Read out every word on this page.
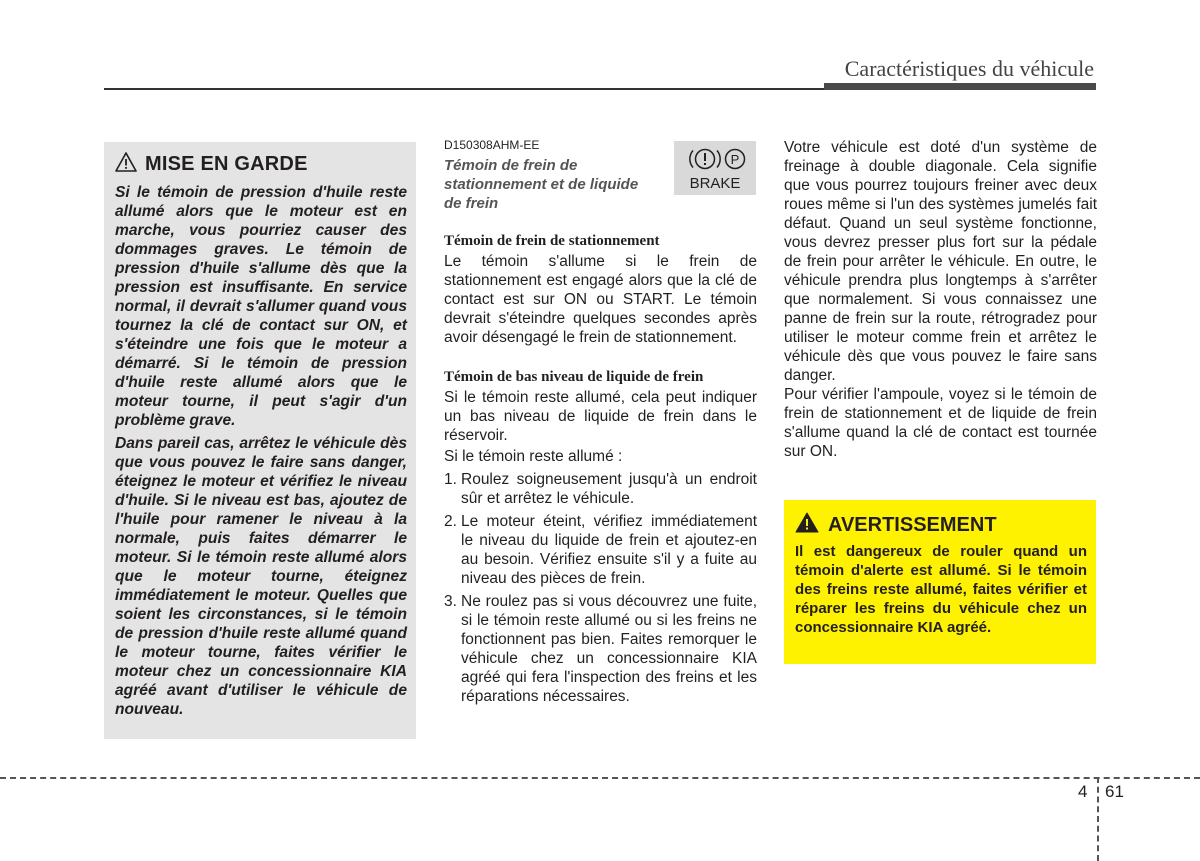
Caractéristiques du véhicule
MISE EN GARDE

Si le témoin de pression d'huile reste allumé alors que le moteur est en marche, vous pourriez causer des dommages graves. Le témoin de pression d'huile s'allume dès que la pression est insuffisante. En service normal, il devrait s'allumer quand vous tournez la clé de contact sur ON, et s'éteindre une fois que le moteur a démarré. Si le témoin de pression d'huile reste allumé alors que le moteur tourne, il peut s'agir d'un problème grave.

Dans pareil cas, arrêtez le véhicule dès que vous pouvez le faire sans danger, éteignez le moteur et vérifiez le niveau d'huile. Si le niveau est bas, ajoutez de l'huile pour ramener le niveau à la normale, puis faites démarrer le moteur. Si le témoin reste allumé alors que le moteur tourne, éteignez immédiatement le moteur. Quelles que soient les circonstances, si le témoin de pression d'huile reste allumé quand le moteur tourne, faites vérifier le moteur chez un concessionnaire KIA agréé avant d'utiliser le véhicule de nouveau.

D150308AHM-EE
Témoin de frein de stationnement et de liquide de frein
P
BRAKE
Témoin de frein de stationnement

Le témoin s'allume si le frein de stationnement est engagé alors que la clé de contact est sur ON ou START. Le témoin devrait s'éteindre quelques secondes après avoir désengagé le frein de stationnement.

Témoin de bas niveau de liquide de frein

Si le témoin reste allumé, cela peut indiquer un bas niveau de liquide de frein dans le réservoir.

Si le témoin reste allumé :

1. Roulez soigneusement jusqu'à un endroit sûr et arrêtez le véhicule.
2. Le moteur éteint, vérifiez immédiatement le niveau du liquide de frein et ajoutez-en au besoin. Vérifiez ensuite s'il y a fuite au niveau des pièces de frein.
3. Ne roulez pas si vous découvrez une fuite, si le témoin reste allumé ou si les freins ne fonctionnent pas bien. Faites remorquer le véhicule chez un concessionnaire KIA agréé qui fera l'inspection des freins et les réparations nécessaires.

Votre véhicule est doté d'un système de freinage à double diagonale. Cela signifie que vous pourrez toujours freiner avec deux roues même si l'un des systèmes jumelés fait défaut. Quand un seul système fonctionne, vous devrez presser plus fort sur la pédale de frein pour arrêter le véhicule. En outre, le véhicule prendra plus longtemps à s'arrêter que normalement. Si vous connaissez une panne de frein sur la route, rétrogradez pour utiliser le moteur comme frein et arrêtez le véhicule dès que vous pouvez le faire sans danger.

Pour vérifier l'ampoule, voyez si le témoin de frein de stationnement et de liquide de frein s'allume quand la clé de contact est tournée sur ON.

AVERTISSEMENT

Il est dangereux de rouler quand un témoin d'alerte est allumé. Si le témoin des freins reste allumé, faites vérifier et réparer les freins du véhicule chez un concessionnaire KIA agréé.

4 61
